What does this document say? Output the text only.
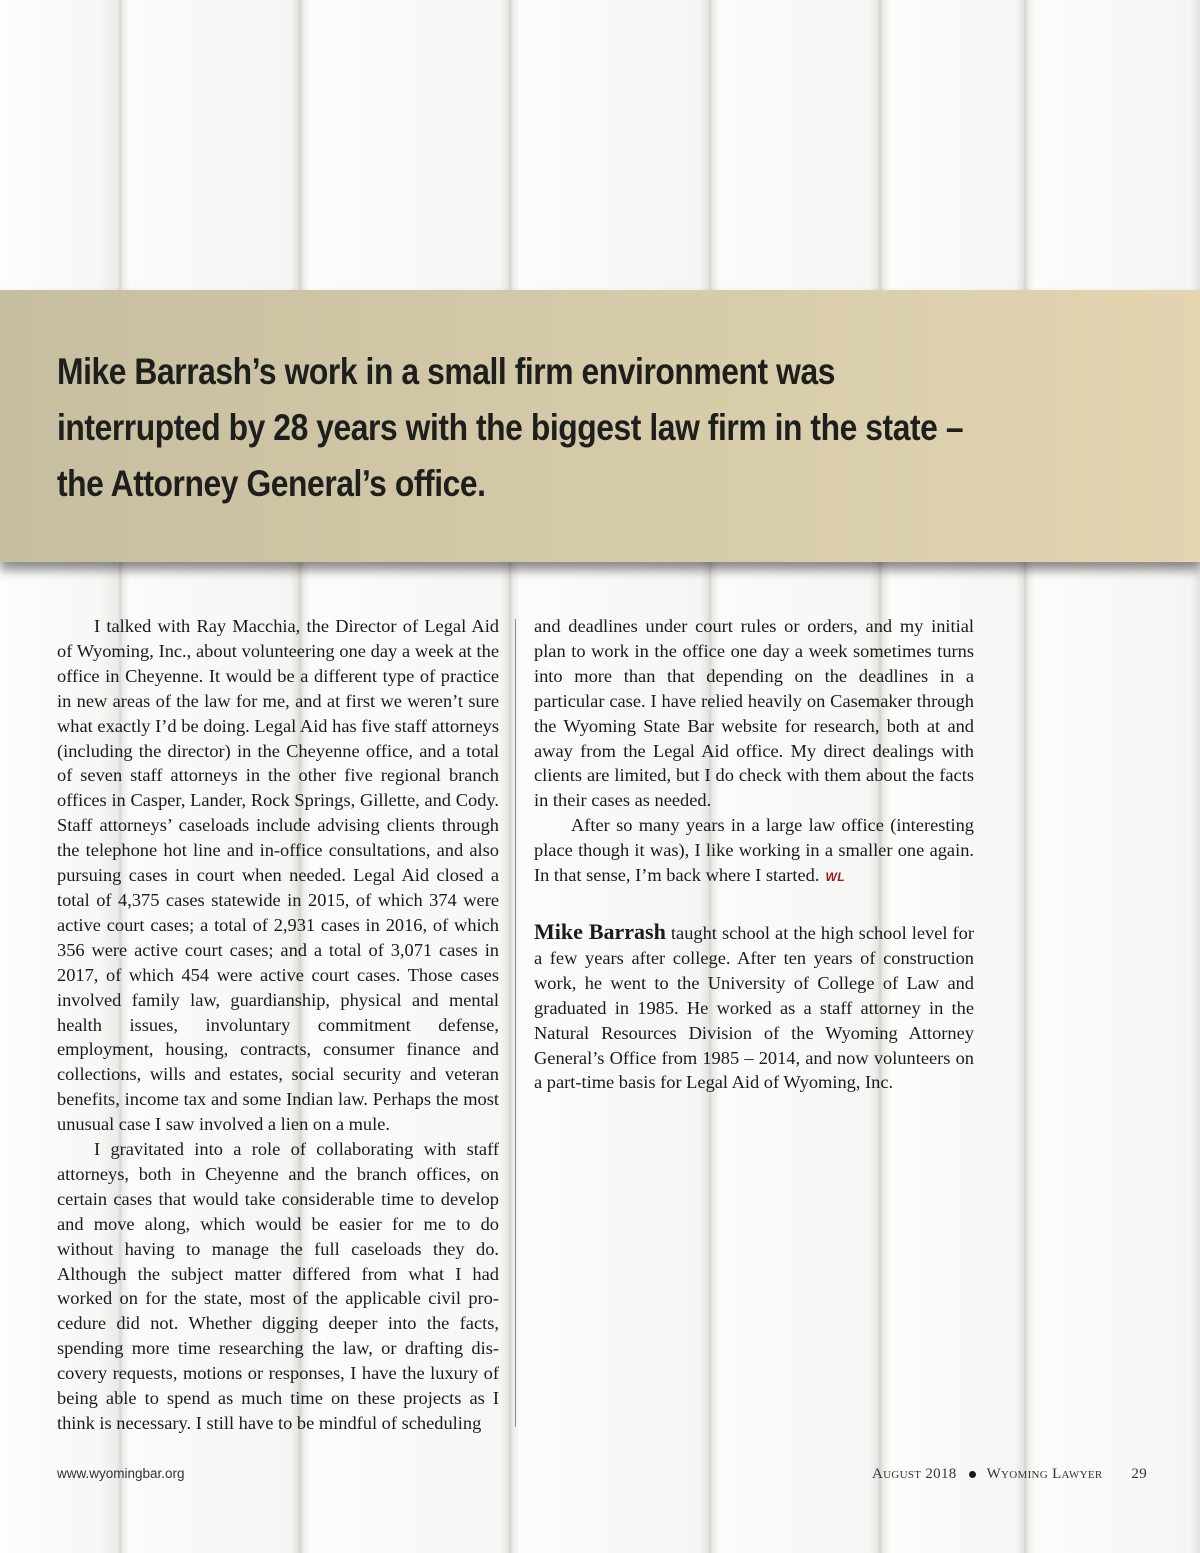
Mike Barrash’s work in a small firm environment was
interrupted by 28 years with the biggest law firm in the state –
the Attorney General’s office.

I talked with Ray Macchia, the Director of Legal Aid of Wyoming, Inc., about volunteering one day a week at the office in Cheyenne. It would be a different type of practice in new areas of the law for me, and at first we weren’t sure what exactly I’d be doing. Legal Aid has five staff attorneys (including the director) in the Cheyenne office, and a total of seven staff attorneys in the other five regional branch offices in Casper, Lander, Rock Springs, Gillette, and Cody. Staff attorneys’ caseloads include advising clients through the telephone hot line and in-office consultations, and also pursuing cases in court when needed. Legal Aid closed a total of 4,375 cases statewide in 2015, of which 374 were active court cases; a total of 2,931 cases in 2016, of which 356 were active court cases; and a total of 3,071 cases in 2017, of which 454 were active court cases. Those cases involved family law, guardianship, physical and mental health issues, involuntary commitment defense, employment, housing, contracts, consumer finance and collections, wills and estates, social security and veteran benefits, income tax and some Indian law. Perhaps the most unusual case I saw involved a lien on a mule.

I gravitated into a role of collaborating with staff attorneys, both in Cheyenne and the branch offices, on certain cases that would take considerable time to develop and move along, which would be easier for me to do without having to manage the full caseloads they do. Although the subject matter differed from what I had worked on for the state, most of the applicable civil procedure did not. Whether digging deeper into the facts, spending more time researching the law, or drafting discovery requests, motions or responses, I have the luxury of being able to spend as much time on these projects as I think is necessary. I still have to be mindful of scheduling

and deadlines under court rules or orders, and my initial plan to work in the office one day a week sometimes turns into more than that depending on the deadlines in a particular case. I have relied heavily on Casemaker through the Wyoming State Bar website for research, both at and away from the Legal Aid office. My direct dealings with clients are limited, but I do check with them about the facts in their cases as needed.

After so many years in a large law office (interesting place though it was), I like working in a smaller one again. In that sense, I’m back where I started. WL

Mike Barrash taught school at the high school level for a few years after college. After ten years of construction work, he went to the University of College of Law and graduated in 1985. He worked as a staff attorney in the Natural Resources Division of the Wyoming Attorney General’s Office from 1985 – 2014, and now volunteers on a part-time basis for Legal Aid of Wyoming, Inc.

www.wyomingbar.org	August 2018 Wyoming Lawyer 29
